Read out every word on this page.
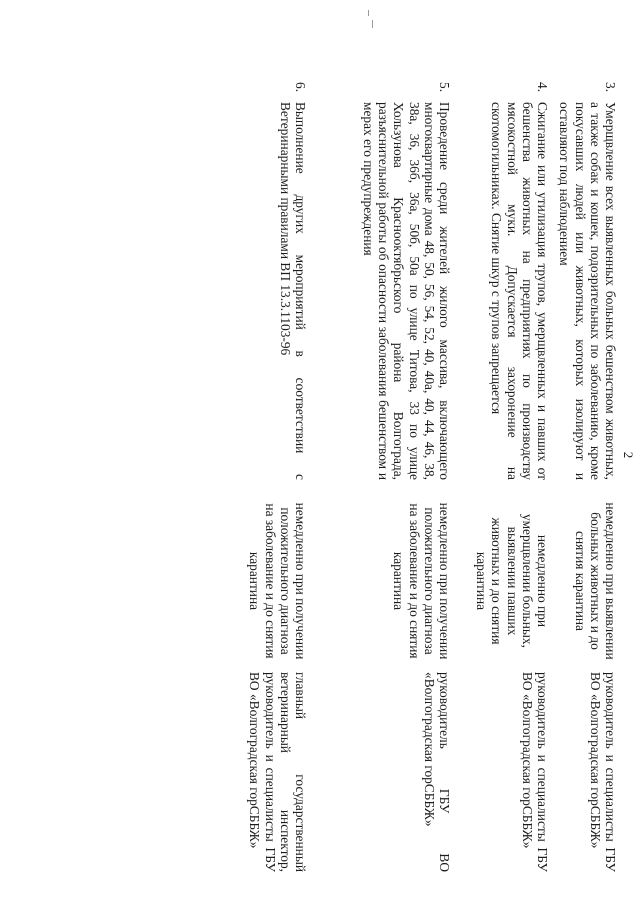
2
3.
Умерщвление всех выявленных больных бешенством животных, а также собак и кошек, подозрительных по заболеванию, кроме покусавших людей или животных, которых изолируют и оставляют под наблюдением
немедленно при выявлении больных животных и до снятия карантина
руководитель и специалисты ГБУ ВО «Волгоградская горСББЖ»
4.
Сжигание или утилизация трупов, умерщвленных и павших от бешенства животных на предприятиях по производству мясокостной муки. Допускается захоронение на скотомогильниках. Снятие шкур с трупов запрещается
немедленно при умерщвлении больных, выявлении павших животных и до снятия карантина
руководитель и специалисты ГБУ ВО «Волгоградская горСББЖ»
5.
Проведение среди жителей жилого массива, включающего многоквартирные дома 48, 50, 56, 54, 52, 40, 40а, 40, 44, 46, 38, 38а, 36, 36б, 36а, 50б, 50а по улице Титова, 33 по улице Хользунова Краснооктябрьского района Волгограда, разъяснительной работы об опасности заболевания бешенством и мерах его предупреждения
немедленно при получении положительного диагноза на заболевание и до снятия карантина
руководитель ГБУ ВО «Волгоградская горСББЖ»
6.
Выполнение других мероприятий в соответствии с Ветеринарными правилами ВП 13.3.1103-96
немедленно при получении положительного диагноза на заболевание и до снятия карантина
главный государственный ветеринарный инспектор, руководитель и специалисты ГБУ ВО «Волгоградская горСББЖ»
